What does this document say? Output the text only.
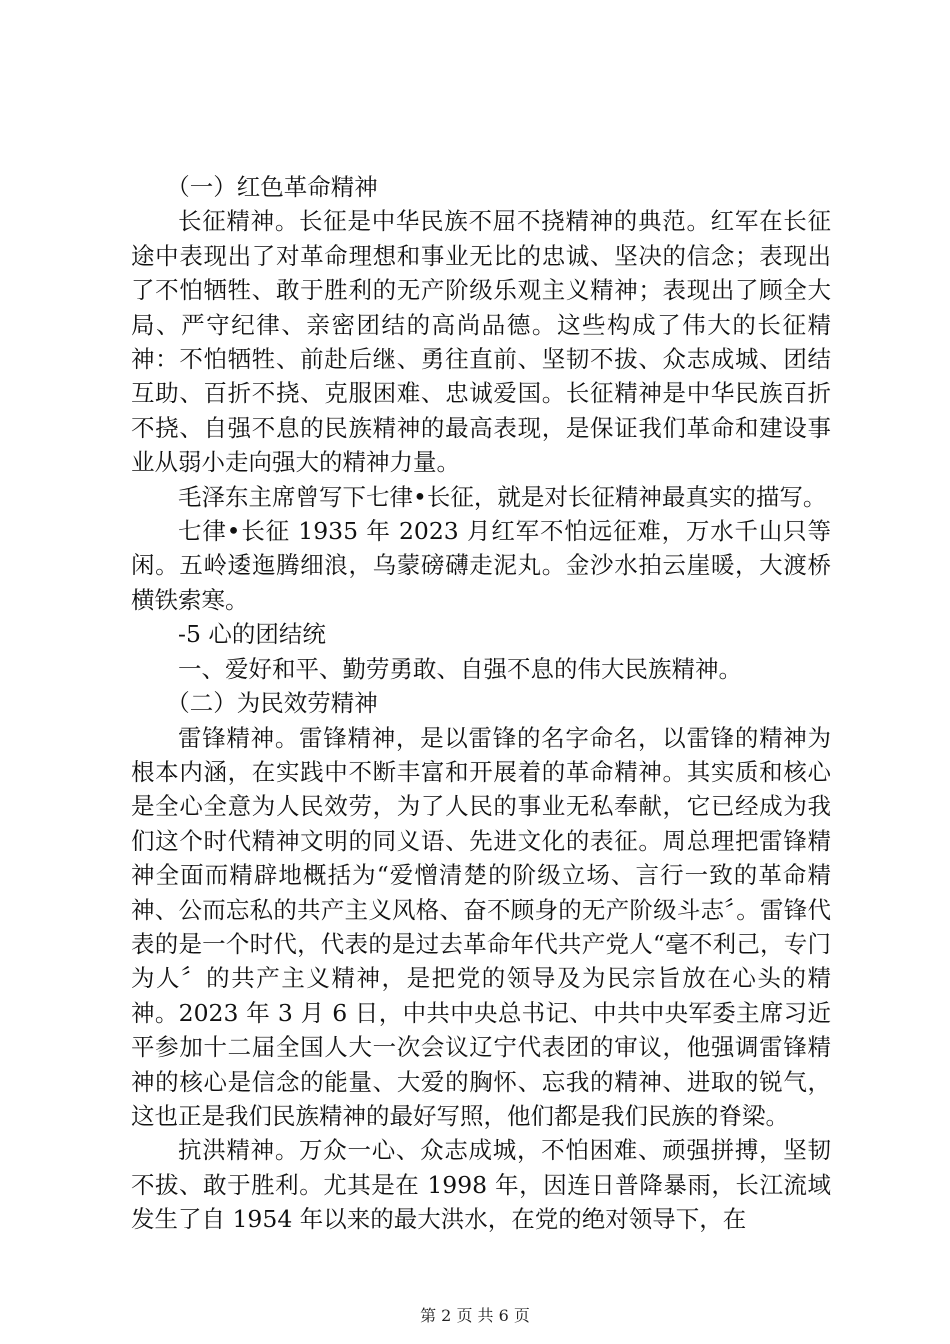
（一）红色革命精神

长征精神。长征是中华民族不屈不挠精神的典范。红军在长征途中表现出了对革命理想和事业无比的忠诚、坚决的信念；表现出了不怕牺牲、敢于胜利的无产阶级乐观主义精神；表现出了顾全大局、严守纪律、亲密团结的高尚品德。这些构成了伟大的长征精神：不怕牺牲、前赴后继、勇往直前、坚韧不拔、众志成城、团结互助、百折不挠、克服困难、忠诚爱国。长征精神是中华民族百折不挠、自强不息的民族精神的最高表现，是保证我们革命和建设事业从弱小走向强大的精神力量。

毛泽东主席曾写下七律•长征，就是对长征精神最真实的描写。

七律•长征 1935 年 2023 月红军不怕远征难，万水千山只等闲。五岭逶迤腾细浪，乌蒙磅礴走泥丸。金沙水拍云崖暖，大渡桥横铁索寒。

-5 心的团结统

一、爱好和平、勤劳勇敢、自强不息的伟大民族精神。

（二）为民效劳精神

雷锋精神。雷锋精神，是以雷锋的名字命名，以雷锋的精神为根本内涵，在实践中不断丰富和开展着的革命精神。其实质和核心是全心全意为人民效劳，为了人民的事业无私奉献，它已经成为我们这个时代精神文明的同义语、先进文化的表征。周总理把雷锋精神全面而精辟地概括为“爱憎清楚的阶级立场、言行一致的革命精神、公而忘私的共产主义风格、奋不顾身的无产阶级斗志〞。雷锋代表的是一个时代，代表的是过去革命年代共产党人“毫不利己，专门为人〞的共产主义精神，是把党的领导及为民宗旨放在心头的精神。2023 年 3 月 6 日，中共中央总书记、中共中央军委主席习近平参加十二届全国人大一次会议辽宁代表团的审议，他强调雷锋精神的核心是信念的能量、大爱的胸怀、忘我的精神、进取的锐气，这也正是我们民族精神的最好写照，他们都是我们民族的脊梁。

抗洪精神。万众一心、众志成城，不怕困难、顽强拼搏，坚韧不拔、敢于胜利。尤其是在 1998 年，因连日普降暴雨，长江流域发生了自 1954 年以来的最大洪水，在党的绝对领导下，在

第 2 页 共 6 页
